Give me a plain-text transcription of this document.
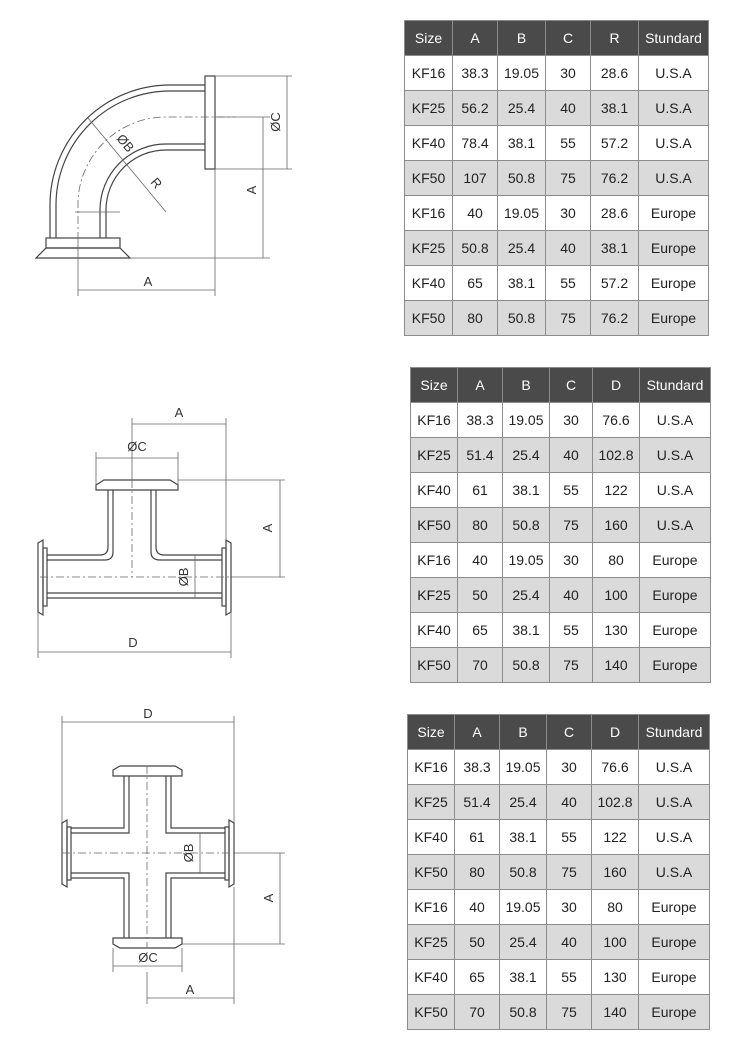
A
A
ØC
ØB
R
A
ØC
A
ØB
D
D
ØB
A
ØC
A
Size	A	B	C	R	Stundard
KF16	38.3	19.05	30	28.6	U.S.A
KF25	56.2	25.4	40	38.1	U.S.A
KF40	78.4	38.1	55	57.2	U.S.A
KF50	107	50.8	75	76.2	U.S.A
KF16	40	19.05	30	28.6	Europe
KF25	50.8	25.4	40	38.1	Europe
KF40	65	38.1	55	57.2	Europe
KF50	80	50.8	75	76.2	Europe
Size	A	B	C	D	Stundard
KF16	38.3	19.05	30	76.6	U.S.A
KF25	51.4	25.4	40	102.8	U.S.A
KF40	61	38.1	55	122	U.S.A
KF50	80	50.8	75	160	U.S.A
KF16	40	19.05	30	80	Europe
KF25	50	25.4	40	100	Europe
KF40	65	38.1	55	130	Europe
KF50	70	50.8	75	140	Europe
Size	A	B	C	D	Stundard
KF16	38.3	19.05	30	76.6	U.S.A
KF25	51.4	25.4	40	102.8	U.S.A
KF40	61	38.1	55	122	U.S.A
KF50	80	50.8	75	160	U.S.A
KF16	40	19.05	30	80	Europe
KF25	50	25.4	40	100	Europe
KF40	65	38.1	55	130	Europe
KF50	70	50.8	75	140	Europe
